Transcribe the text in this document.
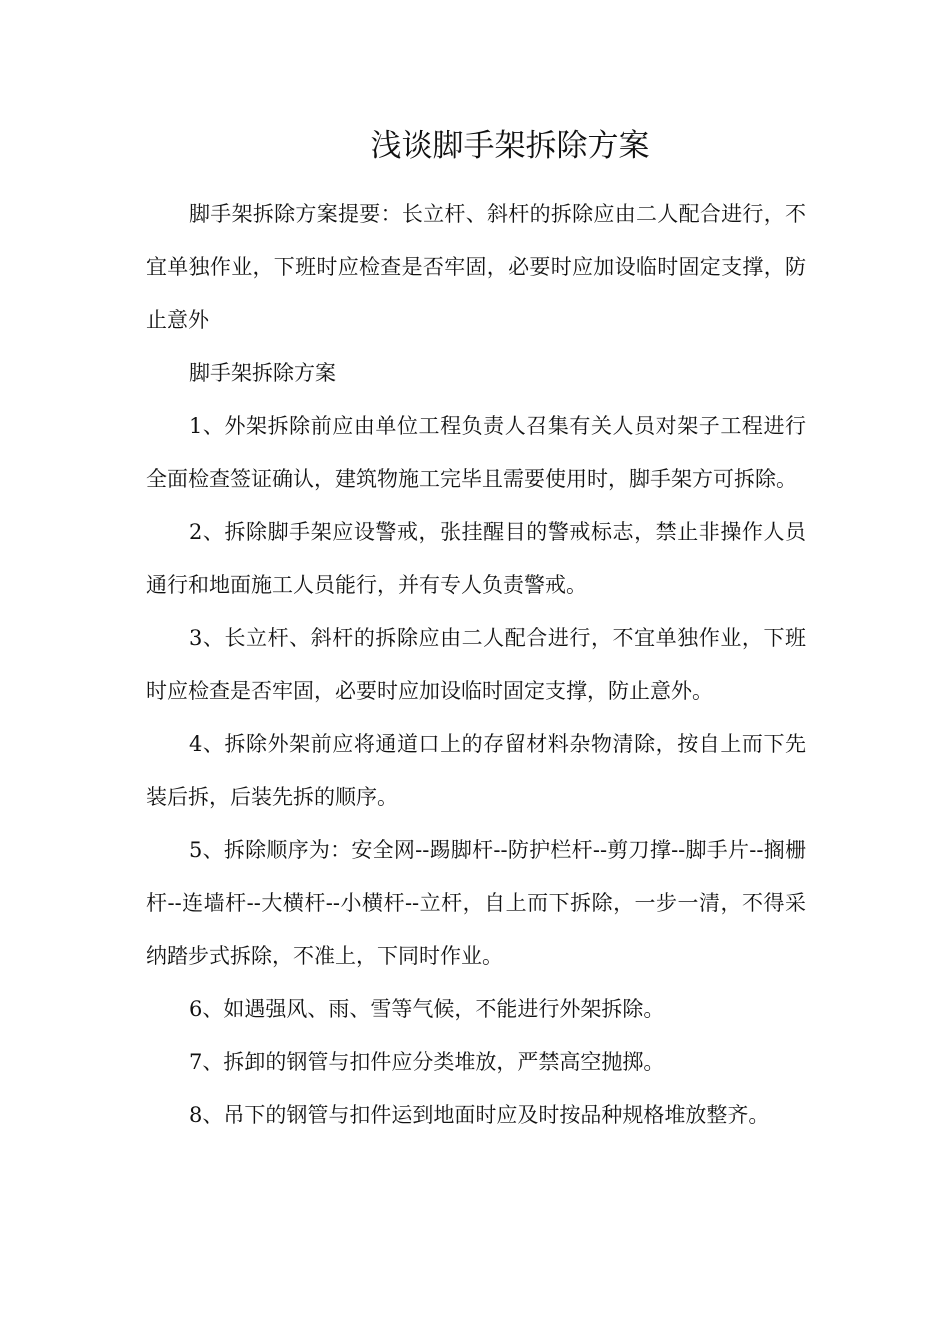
浅谈脚手架拆除方案

脚手架拆除方案提要：长立杆、斜杆的拆除应由二人配合进行，不宜单独作业，下班时应检查是否牢固，必要时应加设临时固定支撑，防止意外

脚手架拆除方案

1、外架拆除前应由单位工程负责人召集有关人员对架子工程进行全面检查签证确认，建筑物施工完毕且需要使用时，脚手架方可拆除。

2、拆除脚手架应设警戒，张挂醒目的警戒标志，禁止非操作人员通行和地面施工人员能行，并有专人负责警戒。

3、长立杆、斜杆的拆除应由二人配合进行，不宜单独作业，下班时应检查是否牢固，必要时应加设临时固定支撑，防止意外。

4、拆除外架前应将通道口上的存留材料杂物清除，按自上而下先装后拆，后装先拆的顺序。

5、拆除顺序为：安全网--踢脚杆--防护栏杆--剪刀撑--脚手片--搁栅杆--连墙杆--大横杆--小横杆--立杆，自上而下拆除，一步一清，不得采纳踏步式拆除，不准上，下同时作业。

6、如遇强风、雨、雪等气候，不能进行外架拆除。

7、拆卸的钢管与扣件应分类堆放，严禁高空抛掷。

8、吊下的钢管与扣件运到地面时应及时按品种规格堆放整齐。
